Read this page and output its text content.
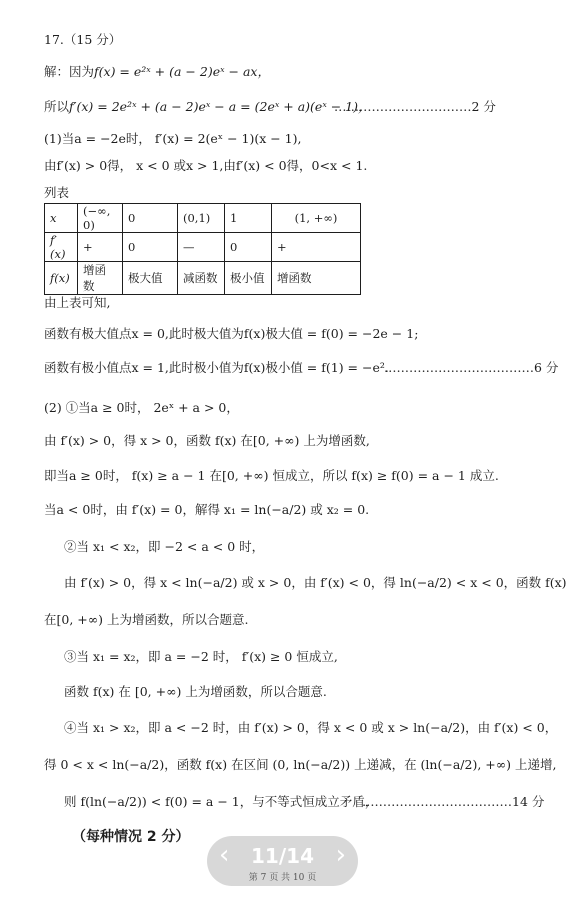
17.（15 分）
解：因为f(x) = e²ˣ + (a − 2)eˣ − ax，
所以f′(x) = 2e²ˣ + (a − 2)eˣ − a = (2eˣ + a)(eˣ − 1)，
……………………………2 分
(1)当a = −2e时， f′(x) = 2(eˣ − 1)(x − 1),
由f′(x) > 0得， x < 0 或x > 1,由f′(x) < 0得，0<x < 1.
列表
x	(−∞, 0)	0	(0,1)	1	(1, +∞)
f′(x)	+	0	—	0	+
f(x)	增函数	极大值	减函数	极小值	增函数
由上表可知,
函数有极大值点x = 0,此时极大值为f(x)极大值 = f(0) = −2e − 1;
函数有极小值点x = 1,此时极小值为f(x)极小值 = f(1) = −e².
………………………………6 分
(2) ①当a ≥ 0时， 2eˣ + a > 0，
由 f′(x) > 0，得 x > 0，函数 f(x) 在[0, +∞) 上为增函数,
即当a ≥ 0时， f(x) ≥ a − 1 在[0, +∞) 恒成立，所以 f(x) ≥ f(0) = a − 1 成立.
当a < 0时，由 f′(x) = 0，解得 x₁ = ln(−a/2) 或 x₂ = 0.
②当 x₁ < x₂，即 −2 < a < 0 时，
由 f′(x) > 0，得 x < ln(−a/2) 或 x > 0，由 f′(x) < 0，得 ln(−a/2) < x < 0，函数 f(x)
在[0, +∞) 上为增函数，所以合题意.
③当 x₁ = x₂，即 a = −2 时， f′(x) ≥ 0 恒成立,
函数 f(x) 在 [0, +∞) 上为增函数，所以合题意.
④当 x₁ > x₂，即 a < −2 时，由 f′(x) > 0，得 x < 0 或 x > ln(−a/2)，由 f′(x) < 0，
得 0 < x < ln(−a/2)，函数 f(x) 在区间 (0, ln(−a/2)) 上递减，在 (ln(−a/2), +∞) 上递增,
则 f(ln(−a/2)) < f(0) = a − 1，与不等式恒成立矛盾，
………………………………14 分
（每种情况 2 分）
‹	11/14 ›
第 7 页 共 10 页
